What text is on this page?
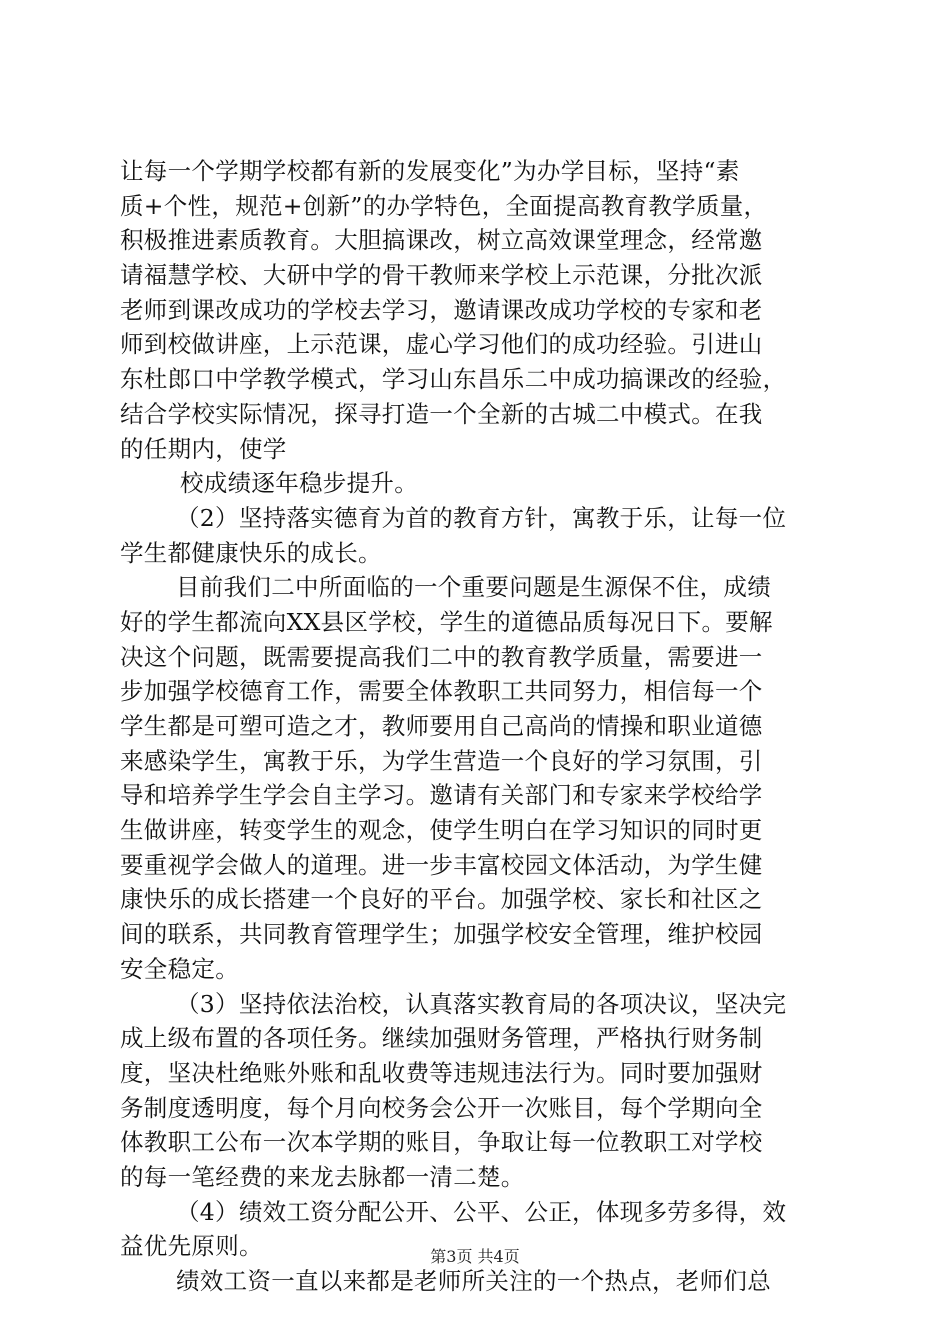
让每一个学期学校都有新的发展变化”为办学目标，坚持“素
质+个性，规范+创新”的办学特色，全面提高教育教学质量，
积极推进素质教育。大胆搞课改，树立高效课堂理念，经常邀
请福慧学校、大研中学的骨干教师来学校上示范课，分批次派
老师到课改成功的学校去学习，邀请课改成功学校的专家和老
师到校做讲座，上示范课，虚心学习他们的成功经验。引进山
东杜郎口中学教学模式，学习山东昌乐二中成功搞课改的经验，
结合学校实际情况，探寻打造一个全新的古城二中模式。在我
的任期内，使学
校成绩逐年稳步提升。
（2）坚持落实德育为首的教育方针，寓教于乐，让每一位
学生都健康快乐的成长。
目前我们二中所面临的一个重要问题是生源保不住，成绩
好的学生都流向XX县区学校，学生的道德品质每况日下。要解
决这个问题，既需要提高我们二中的教育教学质量，需要进一
步加强学校德育工作，需要全体教职工共同努力，相信每一个
学生都是可塑可造之才，教师要用自己高尚的情操和职业道德
来感染学生，寓教于乐，为学生营造一个良好的学习氛围，引
导和培养学生学会自主学习。邀请有关部门和专家来学校给学
生做讲座，转变学生的观念，使学生明白在学习知识的同时更
要重视学会做人的道理。进一步丰富校园文体活动，为学生健
康快乐的成长搭建一个良好的平台。加强学校、家长和社区之
间的联系，共同教育管理学生；加强学校安全管理，维护校园
安全稳定。
（3）坚持依法治校，认真落实教育局的各项决议，坚决完
成上级布置的各项任务。继续加强财务管理，严格执行财务制
度，坚决杜绝账外账和乱收费等违规违法行为。同时要加强财
务制度透明度，每个月向校务会公开一次账目，每个学期向全
体教职工公布一次本学期的账目，争取让每一位教职工对学校
的每一笔经费的来龙去脉都一清二楚。
（4）绩效工资分配公开、公平、公正，体现多劳多得，效
益优先原则。
绩效工资一直以来都是老师所关注的一个热点，老师们总
第3页 共4页
